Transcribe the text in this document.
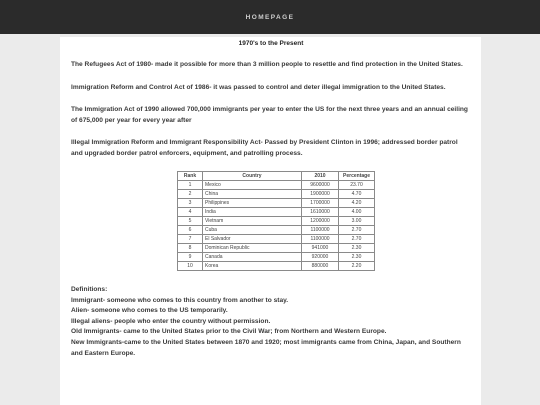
HOMEPAGE
1970's to the Present

The Refugees Act of 1980- made it possible for more than 3 million people to resettle and find protection in the United States.

Immigration Reform and Control Act of 1986- it was passed to control and deter illegal immigration to the United States.

The Immigration Act of 1990 allowed 700,000 immigrants per year to enter the US for the next three years and an annual ceiling of 675,000 per year for every year after

Illegal Immigration Reform and Immigrant Responsibility Act- Passed by President Clinton in 1996; addressed border patrol and upgraded border patrol enforcers, equipment, and patrolling process.

Rank	Country	2010	Percentage
1	Mexico	9600000	23.70
2	China	1900000	4.70
3	Philippines	1700000	4.20
4	India	1610000	4.00
5	Vietnam	1200000	3.00
6	Cuba	1100000	2.70
7	El Salvador	1100000	2.70
8	Dominican Republic	941000	2.30
9	Canada	920000	2.30
10	Korea	880000	2.20
Definitions:
Immigrant- someone who comes to this country from another to stay.
Alien- someone who comes to the US temporarily.
Illegal aliens- people who enter the country without permission.
Old Immigrants- came to the United States prior to the Civil War; from Northern and Western Europe.
New Immigrants-came to the United States between 1870 and 1920; most immigrants came from China, Japan, and Southern and Eastern Europe.
